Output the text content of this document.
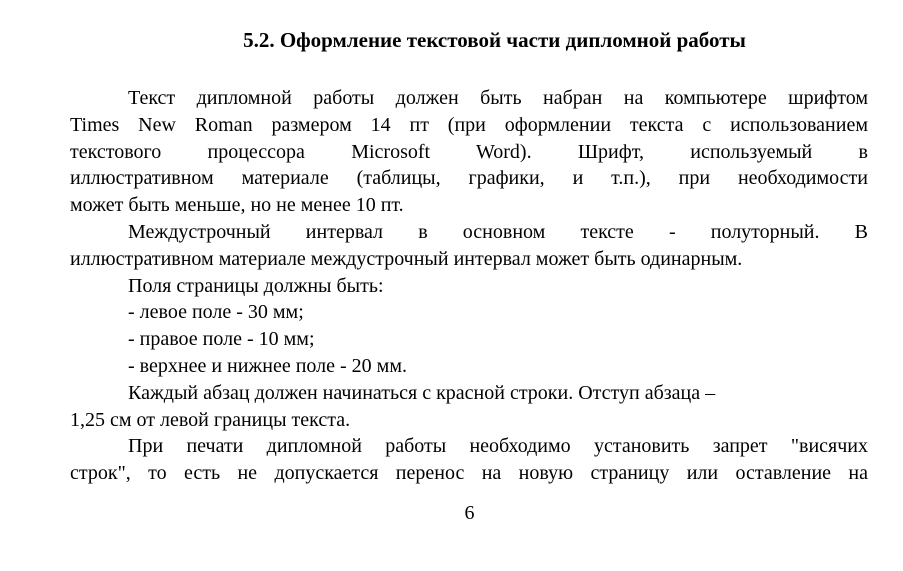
5.2. Оформление текстовой части дипломной работы
Текст дипломной работы должен быть набран на компьютере шрифтом
Times New Roman размером 14 пт (при оформлении текста с использованием
текстового процессора Microsoft Word). Шрифт, используемый в
иллюстративном материале (таблицы, графики, и т.п.), при необходимости
может быть меньше, но не менее 10 пт.
Междустрочный интервал в основном тексте - полуторный. В
иллюстративном материале междустрочный интервал может быть одинарным.
Поля страницы должны быть:
- левое поле - 30 мм;
- правое поле - 10 мм;
- верхнее и нижнее поле - 20 мм.
Каждый абзац должен начинаться с красной строки. Отступ абзаца –
1,25 см от левой границы текста.
При печати дипломной работы необходимо установить запрет "висячих
строк", то есть не допускается перенос на новую страницу или оставление на
6
